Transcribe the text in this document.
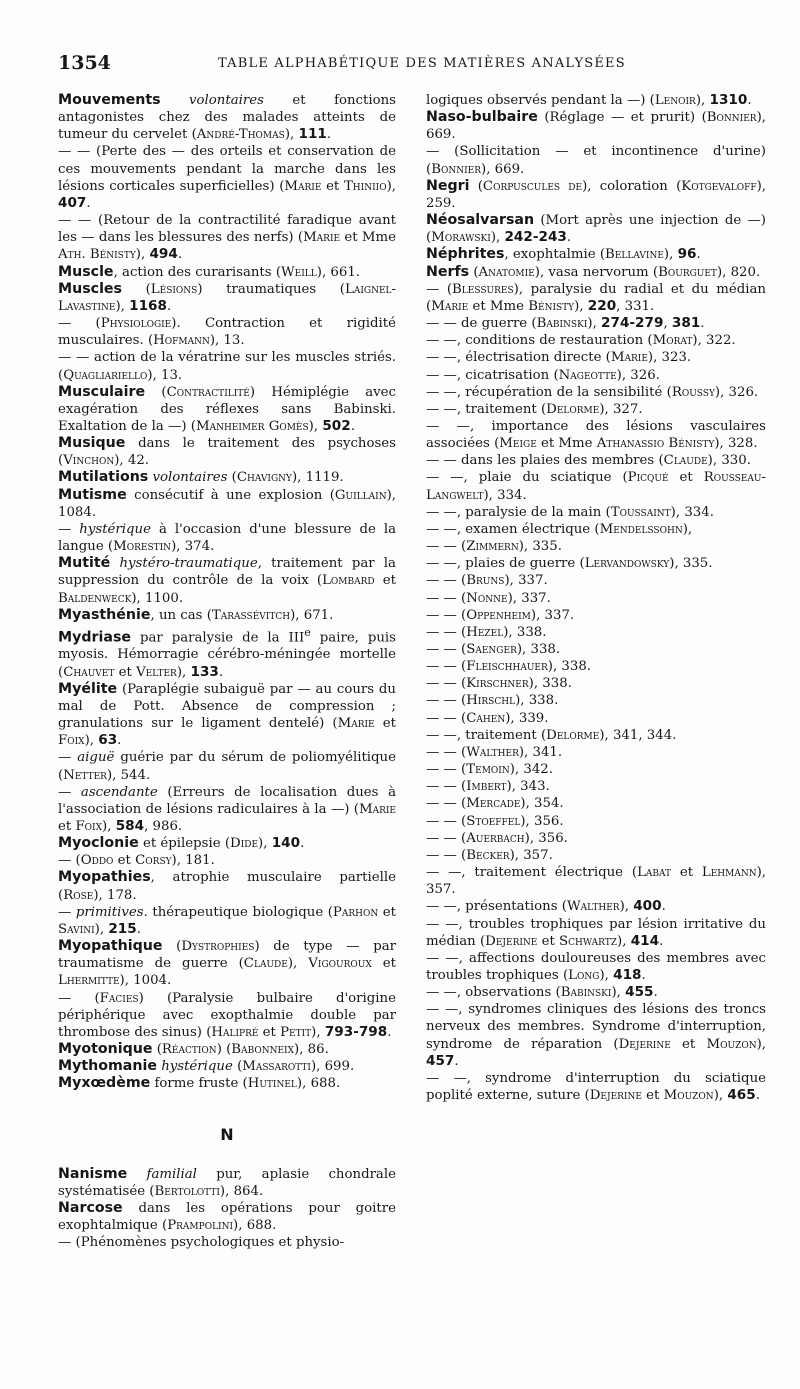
1354	TABLE ALPHABÉTIQUE DES MATIÈRES ANALYSÉES

Mouvements volontaires et fonctions antagonistes chez des malades atteints de tumeur du cervelet (André-Thomas), 111.

— — (Perte des — des orteils et conservation de ces mouvements pendant la marche dans les lésions corticales superficielles) (Marie et Thiniio), 407.

— — (Retour de la contractilité faradique avant les — dans les blessures des nerfs) (Marie et Mme Ath. Bénisty), 494.

Muscle, action des curarisants (Weill), 661.

Muscles (Lésions) traumatiques (Laignel-Lavastine), 1168.

— (Physiologie). Contraction et rigidité musculaires. (Hofmann), 13.

— — action de la vératrine sur les muscles striés. (Quagliariello), 13.

Musculaire (Contractilité) Hémiplégie avec exagération des réflexes sans Babinski. Exaltation de la —) (Manheimer Gomès), 502.

Musique dans le traitement des psychoses (Vinchon), 42.

Mutilations volontaires (Chavigny), 1119.

Mutisme consécutif à une explosion (Guillain), 1084.

— hystérique à l'occasion d'une blessure de la langue (Morestin), 374.

Mutité hystéro-traumatique, traitement par la suppression du contrôle de la voix (Lombard et Baldenweck), 1100.

Myasthénie, un cas (Tarassévitch), 671.

Mydriase par paralysie de la IIIe paire, puis myosis. Hémorragie cérébro-méningée mortelle (Chauvet et Velter), 133.

Myélite (Paraplégie subaiguë par — au cours du mal de Pott. Absence de compression ; granulations sur le ligament dentelé) (Marie et Foix), 63.

— aiguë guérie par du sérum de poliomyélitique (Netter), 544.

— ascendante (Erreurs de localisation dues à l'association de lésions radiculaires à la —) (Marie et Foix), 584, 986.

Myoclonie et épilepsie (Dide), 140.

— (Oddo et Corsy), 181.

Myopathies, atrophie musculaire partielle (Rose), 178.

— primitives. thérapeutique biologique (Parhon et Savini), 215.

Myopathique (Dystrophies) de type — par traumatisme de guerre (Claude), Vigouroux et Lhermitte), 1004.

— (Facies) (Paralysie bulbaire d'origine périphérique avec exopthalmie double par thrombose des sinus) (Halipré et Petit), 793-798.

Myotonique (Réaction) (Babonneix), 86.

Mythomanie hystérique (Massarotti), 699.

Myxœdème forme fruste (Hutinel), 688.

N

Nanisme familial pur, aplasie chondrale systématisée (Bertolotti), 864.

Narcose dans les opérations pour goitre exophtalmique (Prampolini), 688.

— (Phénomènes psychologiques et physio-

logiques observés pendant la —) (Lenoir), 1310.

Naso-bulbaire (Réglage — et prurit) (Bonnier), 669.

— (Sollicitation — et incontinence d'urine) (Bonnier), 669.

Negri (Corpuscules de), coloration (Kotgevaloff), 259.

Néosalvarsan (Mort après une injection de —) (Morawski), 242-243.

Néphrites, exophtalmie (Bellavine), 96.

Nerfs (Anatomie), vasa nervorum (Bourguet), 820.

— (Blessures), paralysie du radial et du médian (Marie et Mme Bénisty), 220, 331.

— — de guerre (Babinski), 274-279, 381.

— —, conditions de restauration (Morat), 322.

— —, électrisation directe (Marie), 323.

— —, cicatrisation (Nageotte), 326.

— —, récupération de la sensibilité (Roussy), 326.

— —, traitement (Delorme), 327.

— —, importance des lésions vasculaires associées (Meige et Mme Athanassio Bénisty), 328.

— — dans les plaies des membres (Claude), 330.

— —, plaie du sciatique (Picqué et Rousseau-Langwelt), 334.

— —, paralysie de la main (Toussaint), 334.

— —, examen électrique (Mendelssohn),

— — (Zimmern), 335.

— —, plaies de guerre (Lervandowsky), 335.

— — (Bruns), 337.

— — (Nonne), 337.

— — (Oppenheim), 337.

— — (Hezel), 338.

— — (Saenger), 338.

— — (Fleischhauer), 338.

— — (Kirschner), 338.

— — (Hirschl), 338.

— — (Cahen), 339.

— —, traitement (Delorme), 341, 344.

— — (Walther), 341.

— — (Temoin), 342.

— — (Imbert), 343.

— — (Mercade), 354.

— — (Stoeffel), 356.

— — (Auerbach), 356.

— — (Becker), 357.

— —, traitement électrique (Labat et Lehmann), 357.

— —, présentations (Walther), 400.

— —, troubles trophiques par lésion irritative du médian (Dejerine et Schwartz), 414.

— —, affections douloureuses des membres avec troubles trophiques (Long), 418.

— —, observations (Babinski), 455.

— —, syndromes cliniques des lésions des troncs nerveux des membres. Syndrome d'interruption, syndrome de réparation (Dejerine et Mouzon), 457.

— —, syndrome d'interruption du sciatique poplité externe, suture (Dejerine et Mouzon), 465.
